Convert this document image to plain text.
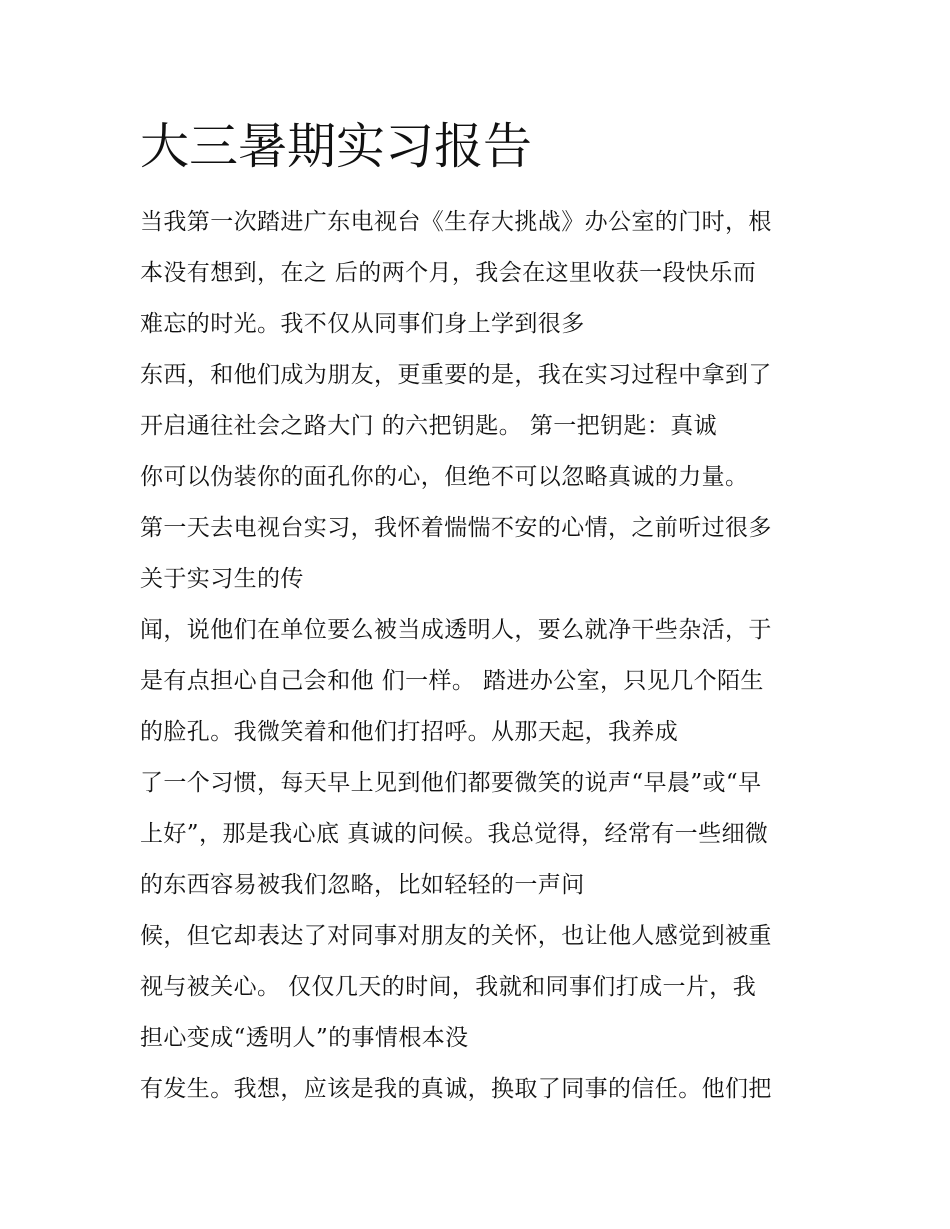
大三暑期实习报告
当我第一次踏进广东电视台《生存大挑战》办公室的门时，根
本没有想到，在之 后的两个月，我会在这里收获一段快乐而
难忘的时光。我不仅从同事们身上学到很多
东西，和他们成为朋友，更重要的是，我在实习过程中拿到了
开启通往社会之路大门 的六把钥匙。 第一把钥匙：真诚
你可以伪装你的面孔你的心，但绝不可以忽略真诚的力量。
第一天去电视台实习，我怀着惴惴不安的心情，之前听过很多
关于实习生的传
闻，说他们在单位要么被当成透明人，要么就净干些杂活，于
是有点担心自己会和他 们一样。 踏进办公室，只见几个陌生
的脸孔。我微笑着和他们打招呼。从那天起，我养成
了一个习惯，每天早上见到他们都要微笑的说声“早晨”或“早
上好”，那是我心底 真诚的问候。我总觉得，经常有一些细微
的东西容易被我们忽略，比如轻轻的一声问
候，但它却表达了对同事对朋友的关怀，也让他人感觉到被重
视与被关心。 仅仅几天的时间，我就和同事们打成一片，我
担心变成“透明人”的事情根本没
有发生。我想，应该是我的真诚，换取了同事的信任。他们把
